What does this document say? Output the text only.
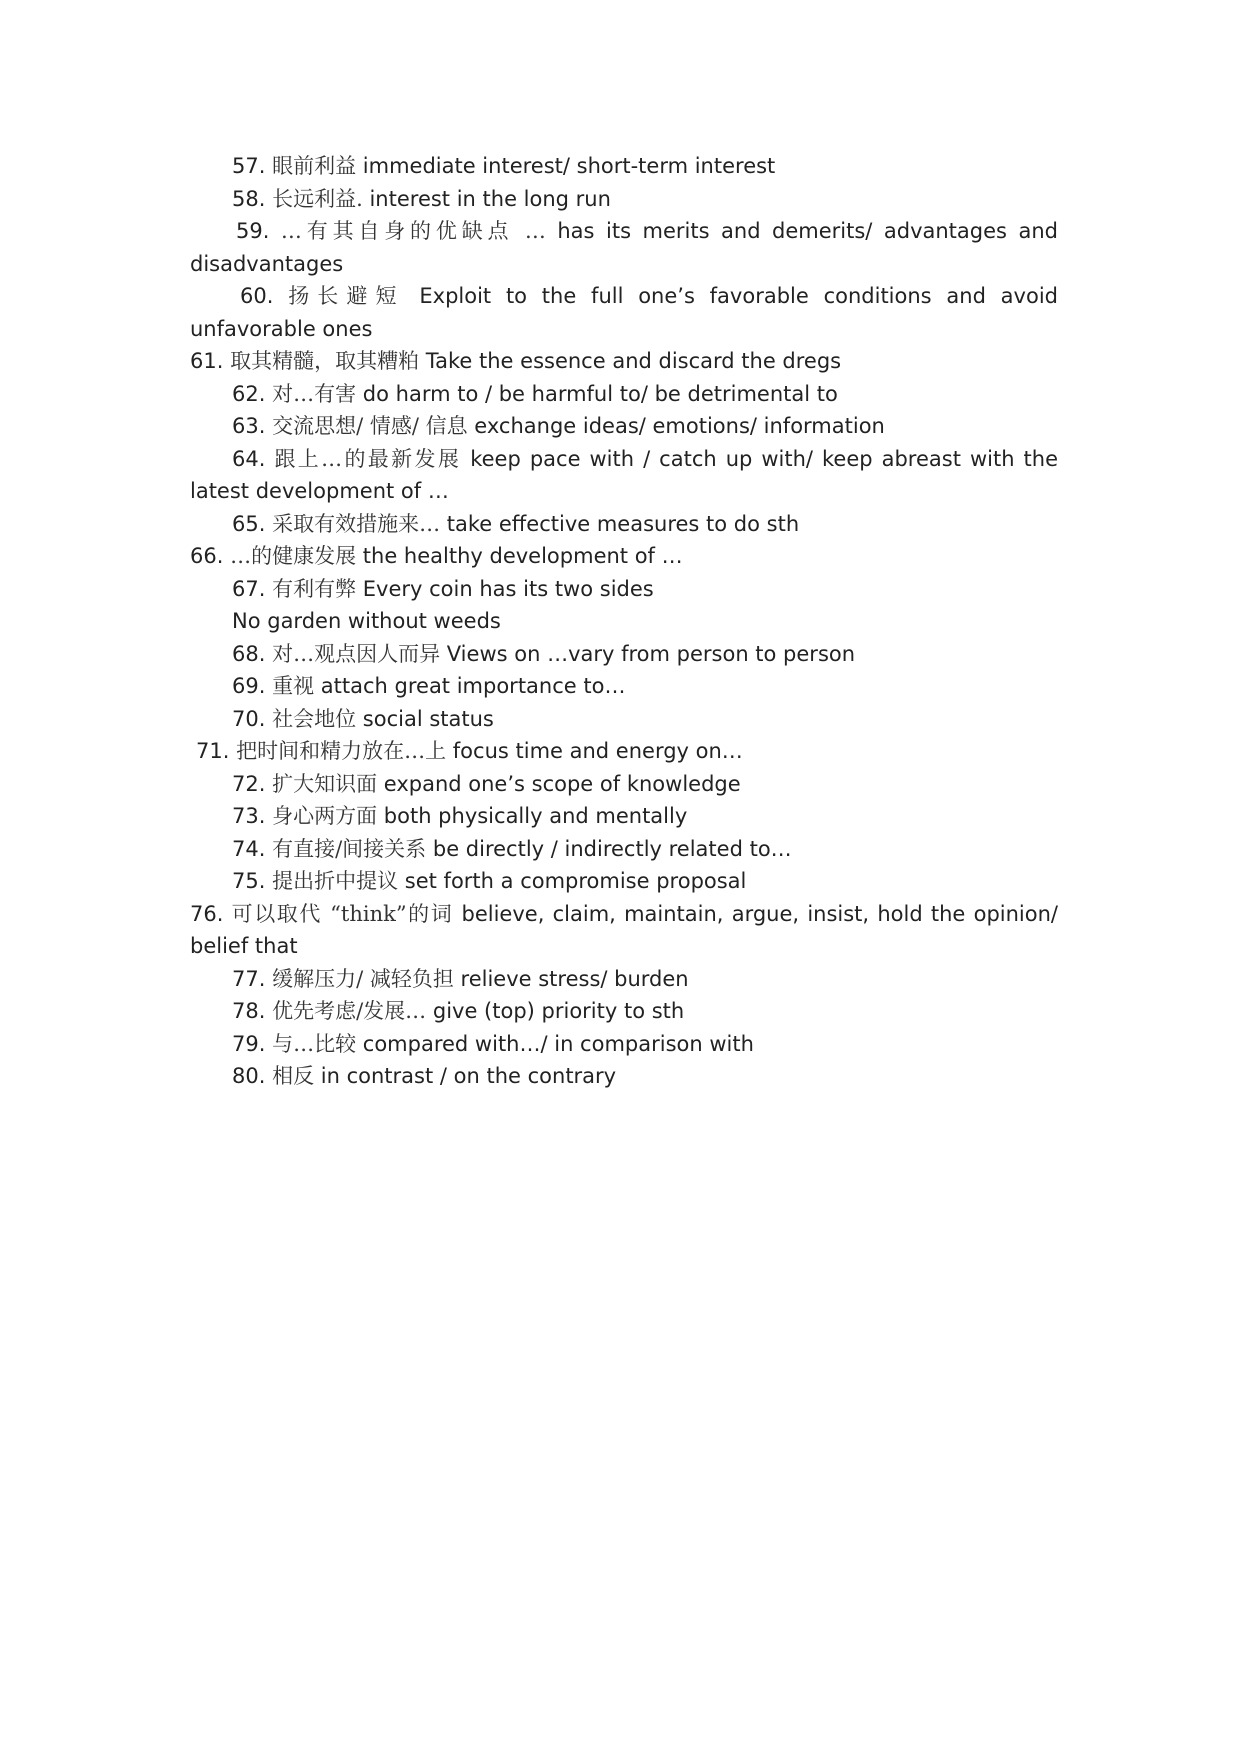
57. 眼前利益 immediate interest/ short-term interest
58. 长远利益. interest in the long run
59. …有其自身的优缺点 … has its merits and demerits/ advantages and disadvantages
60. 扬长避短 Exploit to the full one’s favorable conditions and avoid unfavorable ones
61. 取其精髓，取其糟粕 Take the essence and discard the dregs
62. 对…有害 do harm to / be harmful to/ be detrimental to
63. 交流思想/ 情感/ 信息 exchange ideas/ emotions/ information
64. 跟上…的最新发展 keep pace with / catch up with/ keep abreast with the latest development of …
65. 采取有效措施来… take effective measures to do sth
66. …的健康发展 the healthy development of …
67. 有利有弊 Every coin has its two sides
No garden without weeds
68. 对…观点因人而异 Views on …vary from person to person
69. 重视 attach great importance to…
70. 社会地位 social status
71. 把时间和精力放在…上 focus time and energy on…
72. 扩大知识面 expand one’s scope of knowledge
73. 身心两方面 both physically and mentally
74. 有直接/间接关系 be directly / indirectly related to…
75. 提出折中提议 set forth a compromise proposal
76. 可以取代 “think”的词 believe, claim, maintain, argue, insist, hold the opinion/ belief that
77. 缓解压力/ 减轻负担 relieve stress/ burden
78. 优先考虑/发展… give (top) priority to sth
79. 与…比较 compared with…/ in comparison with
80. 相反 in contrast / on the contrary
